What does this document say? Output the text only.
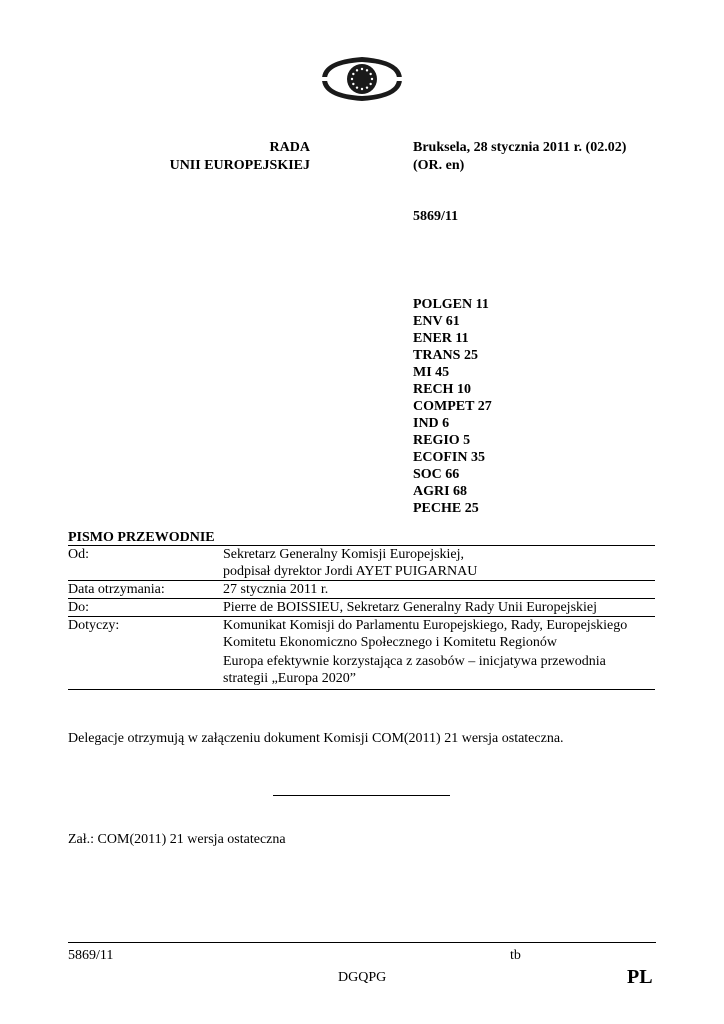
RADA
UNII EUROPEJSKIEJ
Bruksela, 28 stycznia 2011 r. (02.02)
(OR. en)
5869/11
POLGEN 11
ENV 61
ENER 11
TRANS 25
MI 45
RECH 10
COMPET 27
IND 6
REGIO 5
ECOFIN 35
SOC 66
AGRI 68
PECHE 25
PISMO PRZEWODNIE
Od:	Sekretarz Generalny Komisji Europejskiej,
podpisał dyrektor Jordi AYET PUIGARNAU

Data otrzymania:	27 stycznia 2011 r.
Do:	Pierre de BOISSIEU, Sekretarz Generalny Rady Unii Europejskiej
Dotyczy:	Komunikat Komisji do Parlamentu Europejskiego, Rady, Europejskiego
Komitetu Ekonomiczno Społecznego i Komitetu Regionów
Europa efektywnie korzystająca z zasobów – inicjatywa przewodnia
strategii „Europa 2020”
Delegacje otrzymują w załączeniu dokument Komisji COM(2011) 21 wersja ostateczna.
Zał.: COM(2011) 21 wersja ostateczna
5869/11	tb
DGQPG	PL
